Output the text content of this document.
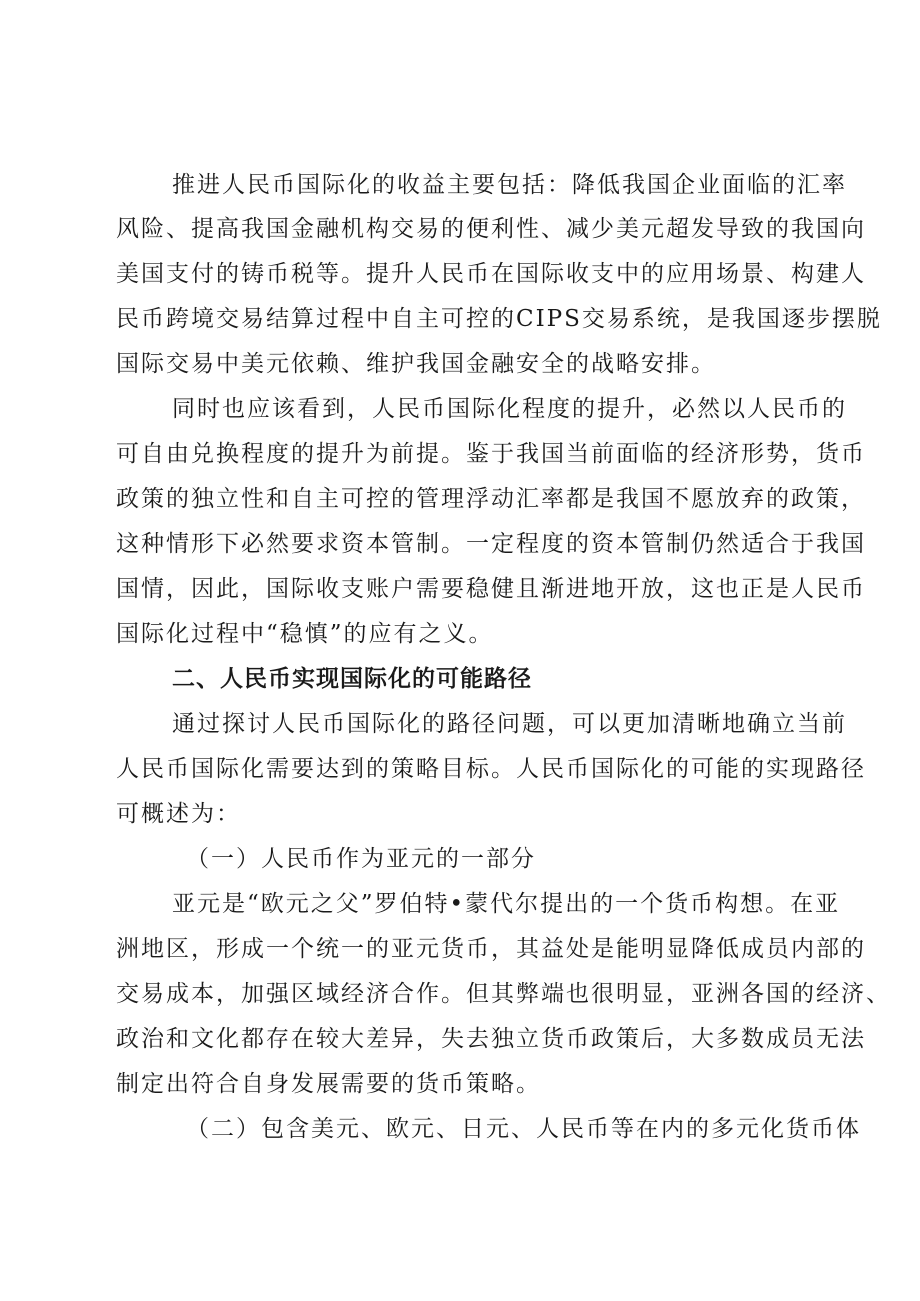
推进人民币国际化的收益主要包括：降低我国企业面临的汇率
风险、提高我国金融机构交易的便利性、减少美元超发导致的我国向
美国支付的铸币税等。提升人民币在国际收支中的应用场景、构建人
民币跨境交易结算过程中自主可控的CIPS交易系统，是我国逐步摆脱
国际交易中美元依赖、维护我国金融安全的战略安排。
同时也应该看到，人民币国际化程度的提升，必然以人民币的
可自由兑换程度的提升为前提。鉴于我国当前面临的经济形势，货币
政策的独立性和自主可控的管理浮动汇率都是我国不愿放弃的政策，
这种情形下必然要求资本管制。一定程度的资本管制仍然适合于我国
国情，因此，国际收支账户需要稳健且渐进地开放，这也正是人民币
国际化过程中“稳慎”的应有之义。
二、人民币实现国际化的可能路径
通过探讨人民币国际化的路径问题，可以更加清晰地确立当前
人民币国际化需要达到的策略目标。人民币国际化的可能的实现路径
可概述为：
（一）人民币作为亚元的一部分
亚元是“欧元之父”罗伯特•蒙代尔提出的一个货币构想。在亚
洲地区，形成一个统一的亚元货币，其益处是能明显降低成员内部的
交易成本，加强区域经济合作。但其弊端也很明显，亚洲各国的经济、
政治和文化都存在较大差异，失去独立货币政策后，大多数成员无法
制定出符合自身发展需要的货币策略。
（二）包含美元、欧元、日元、人民币等在内的多元化货币体
